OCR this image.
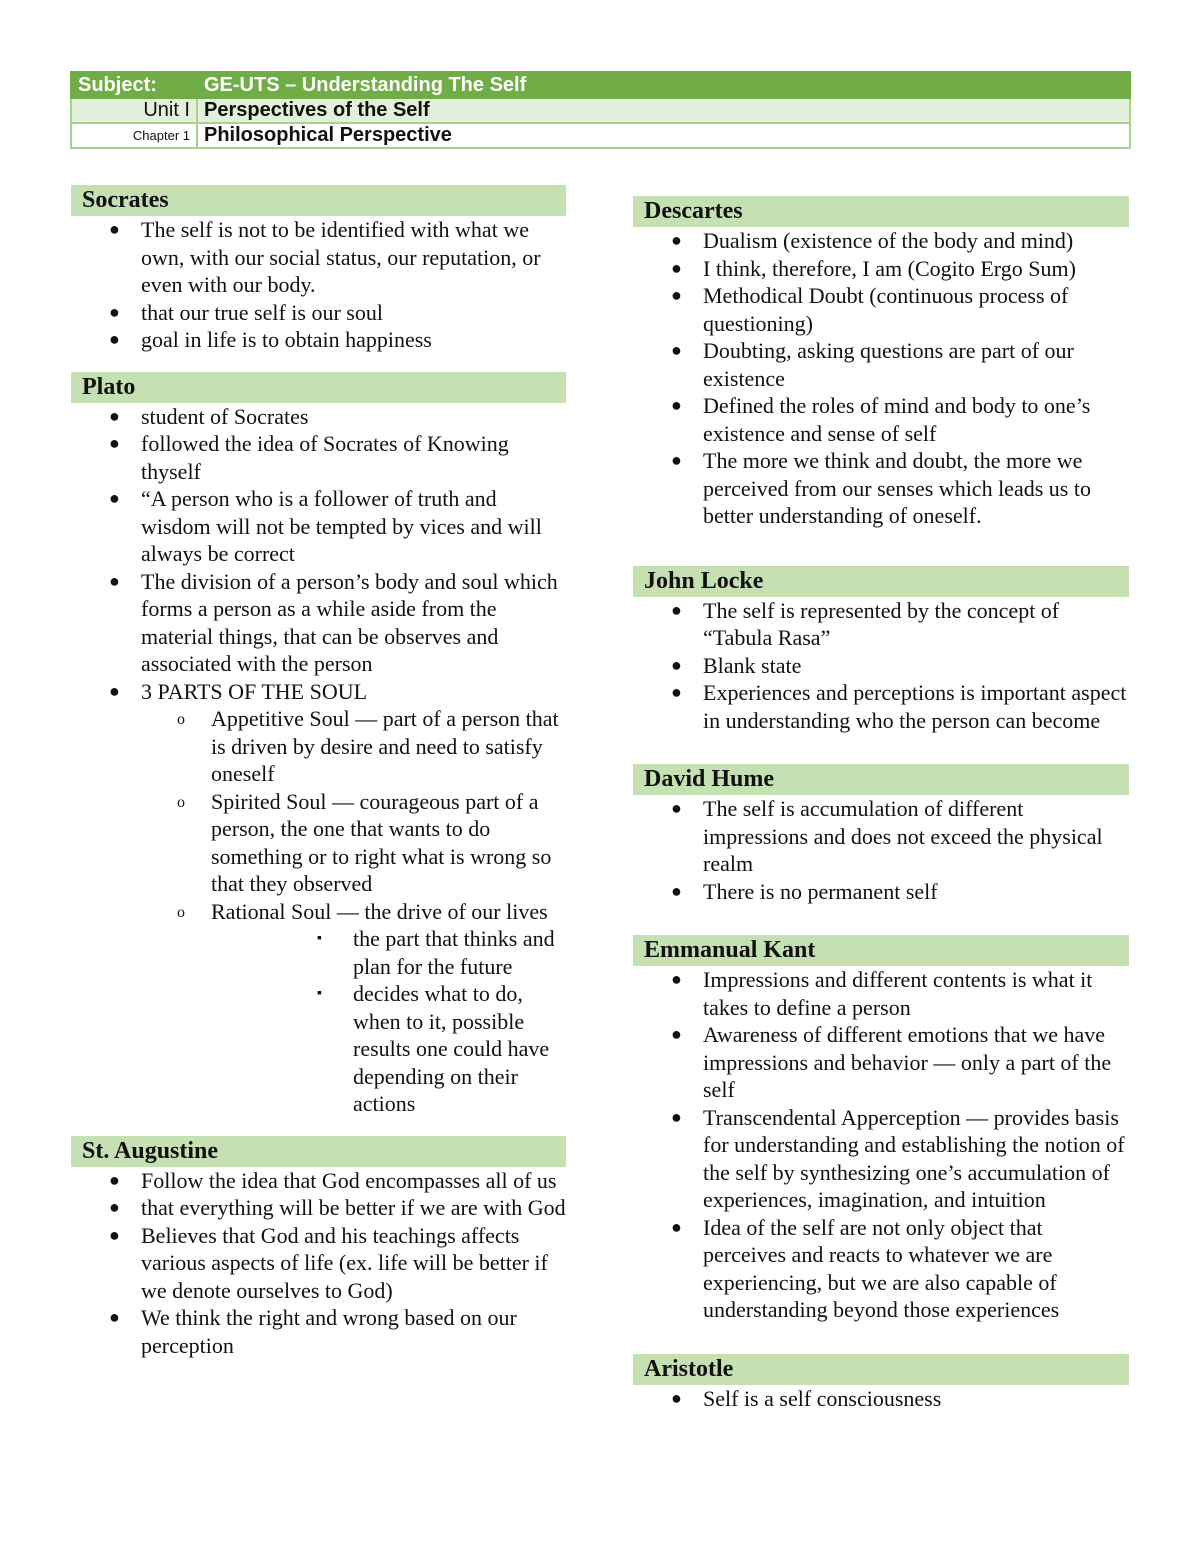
Subject:	GE-UTS – Understanding The Self
Unit I	Perspectives of the Self
Chapter 1	Philosophical Perspective
Socrates
● The self is not to be identified with what we own, with our social status, our reputation, or even with our body.
● that our true self is our soul
● goal in life is to obtain happiness
Plato
● student of Socrates
● followed the idea of Socrates of Knowing thyself
● “A person who is a follower of truth and wisdom will not be tempted by vices and will always be correct
● The division of a person’s body and soul which forms a person as a while aside from the material things, that can be observes and associated with the person
● 3 PARTS OF THE SOUL
o Appetitive Soul — part of a person that is driven by desire and need to satisfy oneself
o Spirited Soul — courageous part of a person, the one that wants to do something or to right what is wrong so that they observed
o Rational Soul — the drive of our lives
▪ the part that thinks and plan for the future
▪ decides what to do, when to it, possible results one could have depending on their actions
St. Augustine
● Follow the idea that God encompasses all of us
● that everything will be better if we are with God
● Believes that God and his teachings affects various aspects of life (ex. life will be better if we denote ourselves to God)
● We think the right and wrong based on our perception
Descartes
● Dualism (existence of the body and mind)
● I think, therefore, I am (Cogito Ergo Sum)
● Methodical Doubt (continuous process of questioning)
● Doubting, asking questions are part of our existence
● Defined the roles of mind and body to one’s existence and sense of self
● The more we think and doubt, the more we perceived from our senses which leads us to better understanding of oneself.
John Locke
● The self is represented by the concept of “Tabula Rasa”
● Blank state
● Experiences and perceptions is important aspect in understanding who the person can become
David Hume
● The self is accumulation of different impressions and does not exceed the physical realm
● There is no permanent self
Emmanual Kant
● Impressions and different contents is what it takes to define a person
● Awareness of different emotions that we have impressions and behavior — only a part of the self
● Transcendental Apperception — provides basis for understanding and establishing the notion of the self by synthesizing one’s accumulation of experiences, imagination, and intuition
● Idea of the self are not only object that perceives and reacts to whatever we are experiencing, but we are also capable of understanding beyond those experiences
Aristotle
● Self is a self consciousness
